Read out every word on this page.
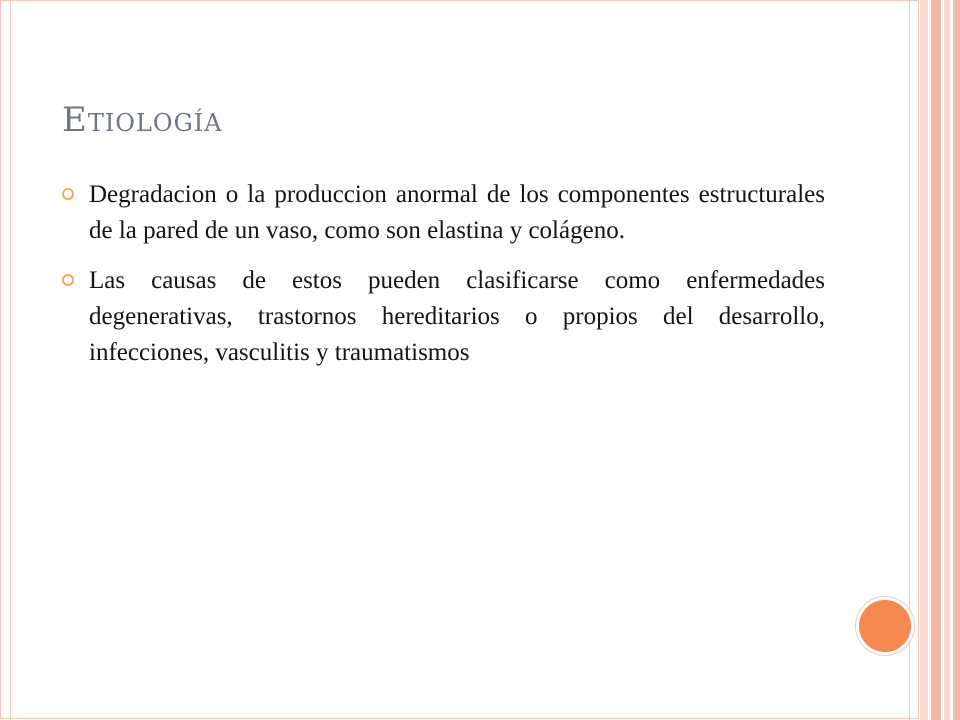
Etiología
Degradacion o la produccion anormal de los componentes estructurales de la pared de un vaso, como son elastina y colágeno.
Las causas de estos pueden clasificarse como enfermedades degenerativas, trastornos hereditarios o propios del desarrollo, infecciones, vasculitis y traumatismos
